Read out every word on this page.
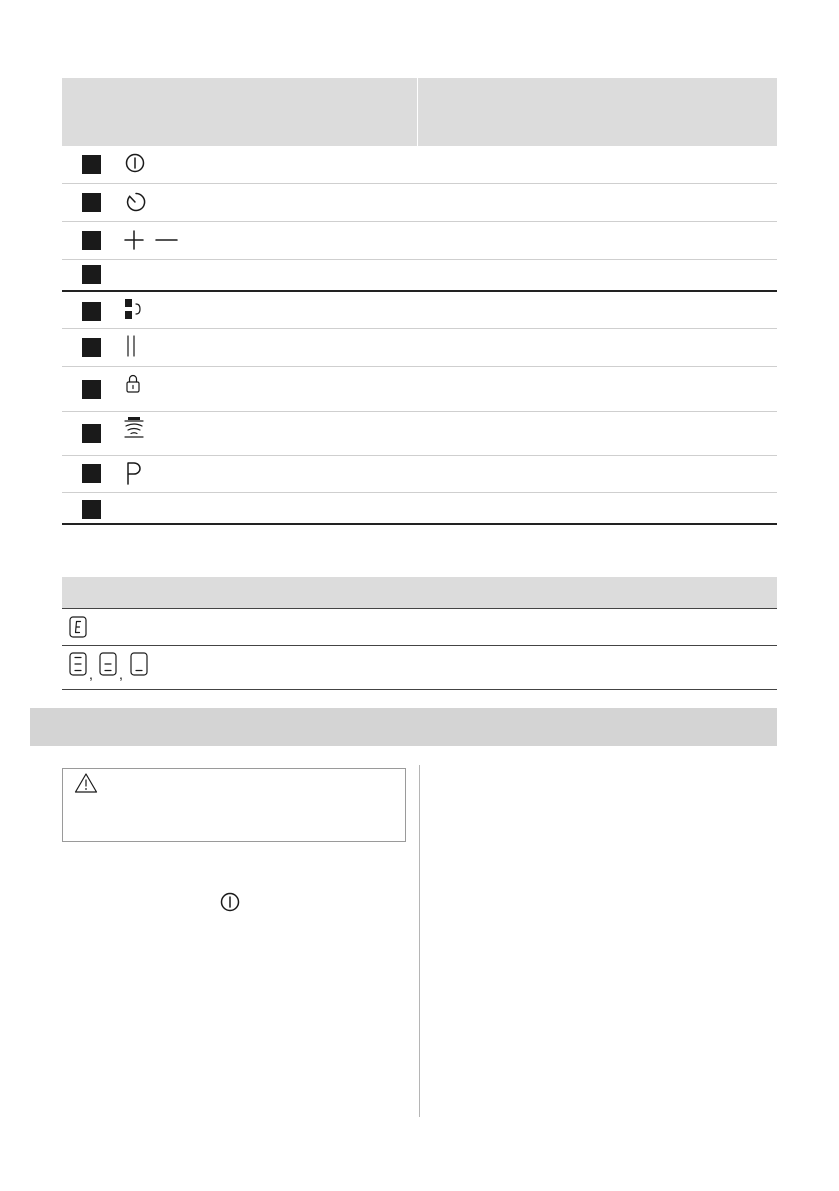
, ,
